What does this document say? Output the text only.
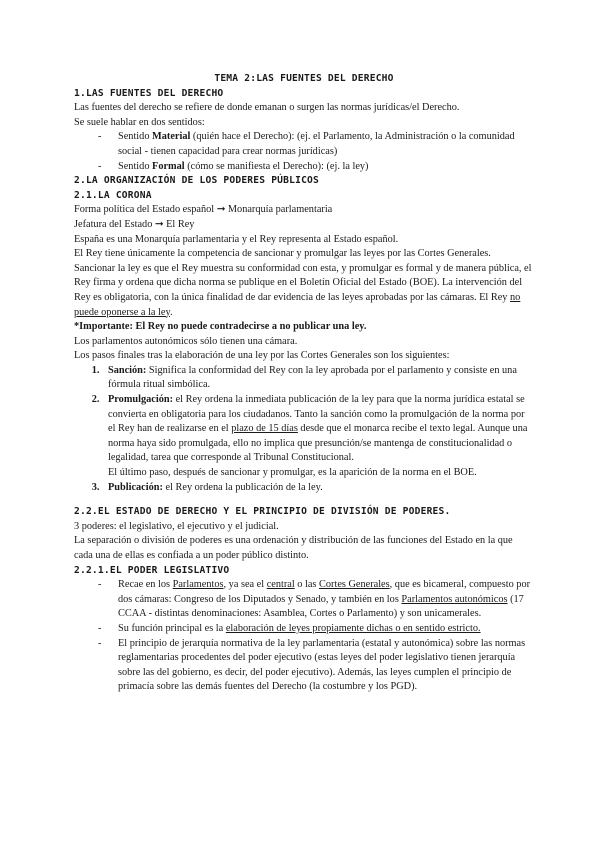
TEMA 2:LAS FUENTES DEL DERECHO

1.LAS FUENTES DEL DERECHO

Las fuentes del derecho se refiere de donde emanan o surgen las normas jurídicas/el Derecho.

Se suele hablar en dos sentidos:

- Sentido Material (quién hace el Derecho): (ej. el Parlamento, la Administración o la comunidad social - tienen capacidad para crear normas jurídicas)
- Sentido Formal (cómo se manifiesta el Derecho): (ej. la ley)

2.LA ORGANIZACIÓN DE LOS PODERES PÚBLICOS

2.1.LA CORONA

Forma política del Estado español ➞ Monarquía parlamentaria

Jefatura del Estado ➞ El Rey

España es una Monarquía parlamentaria y el Rey representa al Estado español.

El Rey tiene únicamente la competencia de sancionar y promulgar las leyes por las Cortes Generales.

Sancionar la ley es que el Rey muestra su conformidad con esta, y promulgar es formal y de manera pública, el Rey firma y ordena que dicha norma se publique en el Boletín Oficial del Estado (BOE). La intervención del Rey es obligatoria, con la única finalidad de dar evidencia de las leyes aprobadas por las cámaras. El Rey no puede oponerse a la ley.

*Importante: El Rey no puede contradecirse a no publicar una ley.

Los parlamentos autonómicos sólo tienen una cámara.

Los pasos finales tras la elaboración de una ley por las Cortes Generales son los siguientes:

1. Sanción: Significa la conformidad del Rey con la ley aprobada por el parlamento y consiste en una fórmula ritual simbólica.
2. Promulgación: el Rey ordena la inmediata publicación de la ley para que la norma jurídica estatal se convierta en obligatoria para los ciudadanos. Tanto la sanción como la promulgación de la norma por el Rey han de realizarse en el plazo de 15 días desde que el monarca recibe el texto legal. Aunque una norma haya sido promulgada, ello no implica que presunción/se mantenga de constitucionalidad o legalidad, tarea que corresponde al Tribunal Constitucional.
El último paso, después de sancionar y promulgar, es la aparición de la norma en el BOE.
3. Publicación: el Rey ordena la publicación de la ley.

2.2.EL ESTADO DE DERECHO Y EL PRINCIPIO DE DIVISIÓN DE PODERES.

3 poderes: el legislativo, el ejecutivo y el judicial.

La separación o división de poderes es una ordenación y distribución de las funciones del Estado en la que cada una de ellas es confiada a un poder público distinto.

2.2.1.EL PODER LEGISLATIVO

- Recae en los Parlamentos, ya sea el central o las Cortes Generales, que es bicameral, compuesto por dos cámaras: Congreso de los Diputados y Senado, y también en los Parlamentos autonómicos (17 CCAA - distintas denominaciones: Asamblea, Cortes o Parlamento) y son unicamerales.
- Su función principal es la elaboración de leyes propiamente dichas o en sentido estricto.
- El principio de jerarquía normativa de la ley parlamentaria (estatal y autonómica) sobre las normas reglamentarias procedentes del poder ejecutivo (estas leyes del poder legislativo tienen jerarquía sobre las del gobierno, es decir, del poder ejecutivo). Además, las leyes cumplen el principio de primacía sobre las demás fuentes del Derecho (la costumbre y los PGD).
